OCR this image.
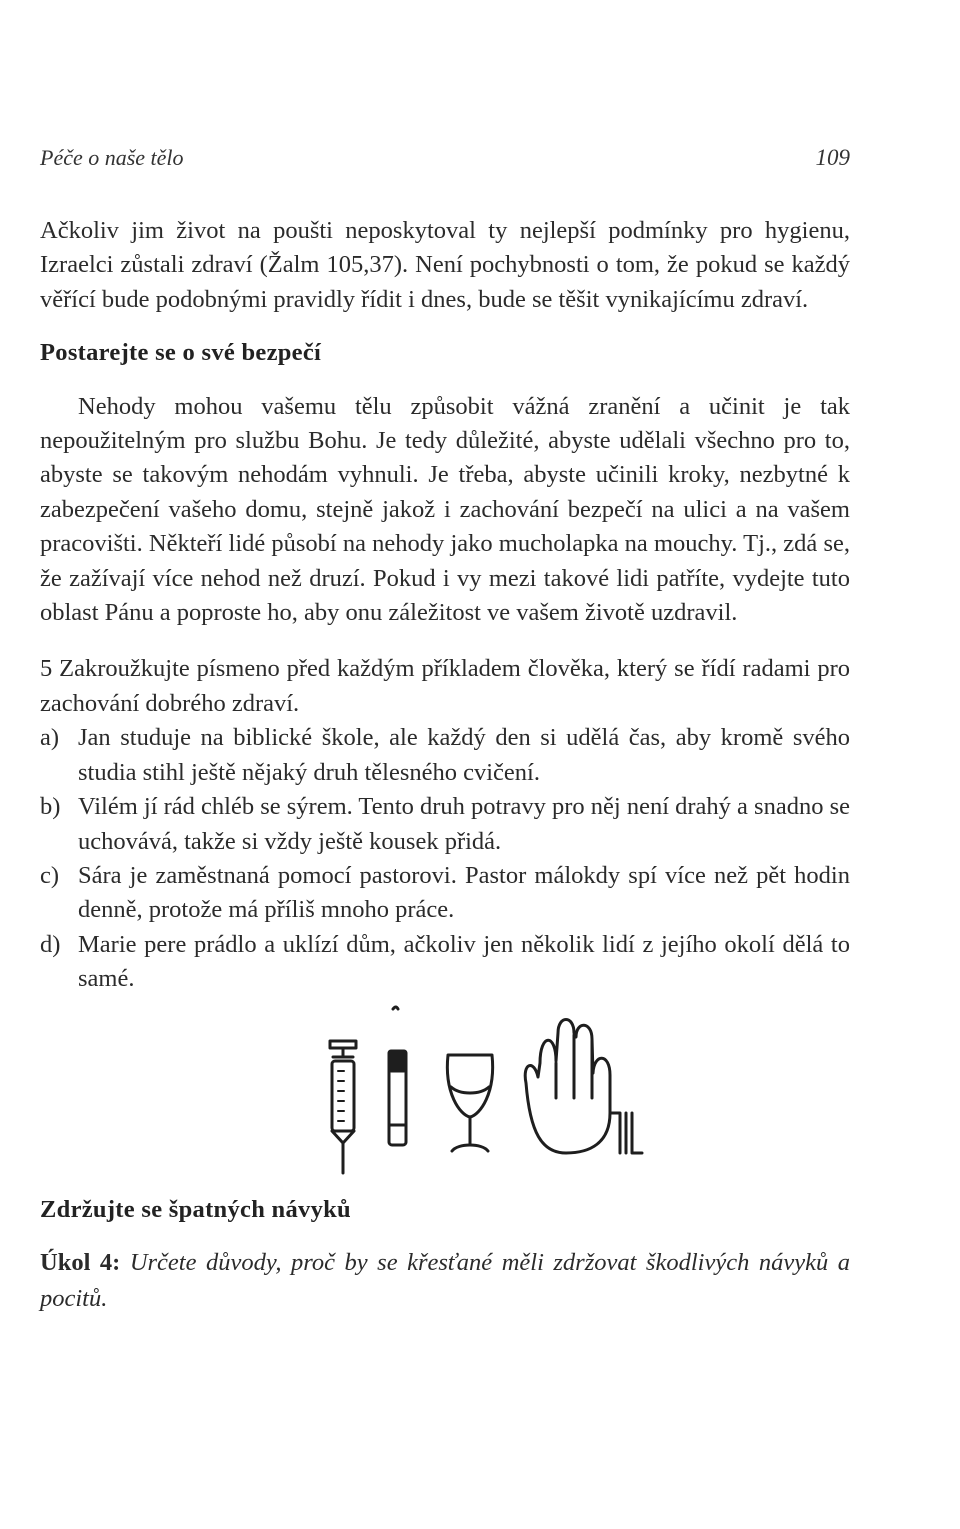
Péče o naše tělo	109

Ačkoliv jim život na poušti neposkytoval ty nejlepší podmínky pro hygienu, Izraelci zůstali zdraví (Žalm 105,37). Není pochybnosti o tom, že pokud se každý věřící bude podobnými pravidly řídit i dnes, bude se těšit vynikajícímu zdraví.

Postarejte se o své bezpečí

Nehody mohou vašemu tělu způsobit vážná zranění a učinit je tak nepoužitelným pro službu Bohu. Je tedy důležité, abyste udělali všechno pro to, abyste se takovým nehodám vyhnuli. Je třeba, abyste učinili kroky, nezbytné k zabezpečení vašeho domu, stejně jakož i zachování bezpečí na ulici a na vašem pracovišti. Někteří lidé působí na nehody jako mucholapka na mouchy. Tj., zdá se, že zažívají více nehod než druzí. Pokud i vy mezi takové lidi patříte, vydejte tuto oblast Pánu a poproste ho, aby onu záležitost ve vašem životě uzdravil.

5 Zakroužkujte písmeno před každým příkladem člověka, který se řídí radami pro zachování dobrého zdraví.

a) Jan studuje na biblické škole, ale každý den si udělá čas, aby kromě svého studia stihl ještě nějaký druh tělesného cvičení.
b) Vilém jí rád chléb se sýrem. Tento druh potravy pro něj není drahý a snadno se uchovává, takže si vždy ještě kousek přidá.
c) Sára je zaměstnaná pomocí pastorovi. Pastor málokdy spí více než pět hodin denně, protože má příliš mnoho práce.
d) Marie pere prádlo a uklízí dům, ačkoliv jen několik lidí z jejího okolí dělá to samé.
Zdržujte se špatných návyků

Úkol 4: Určete důvody, proč by se křesťané měli zdržovat škodlivých návyků a pocitů.
